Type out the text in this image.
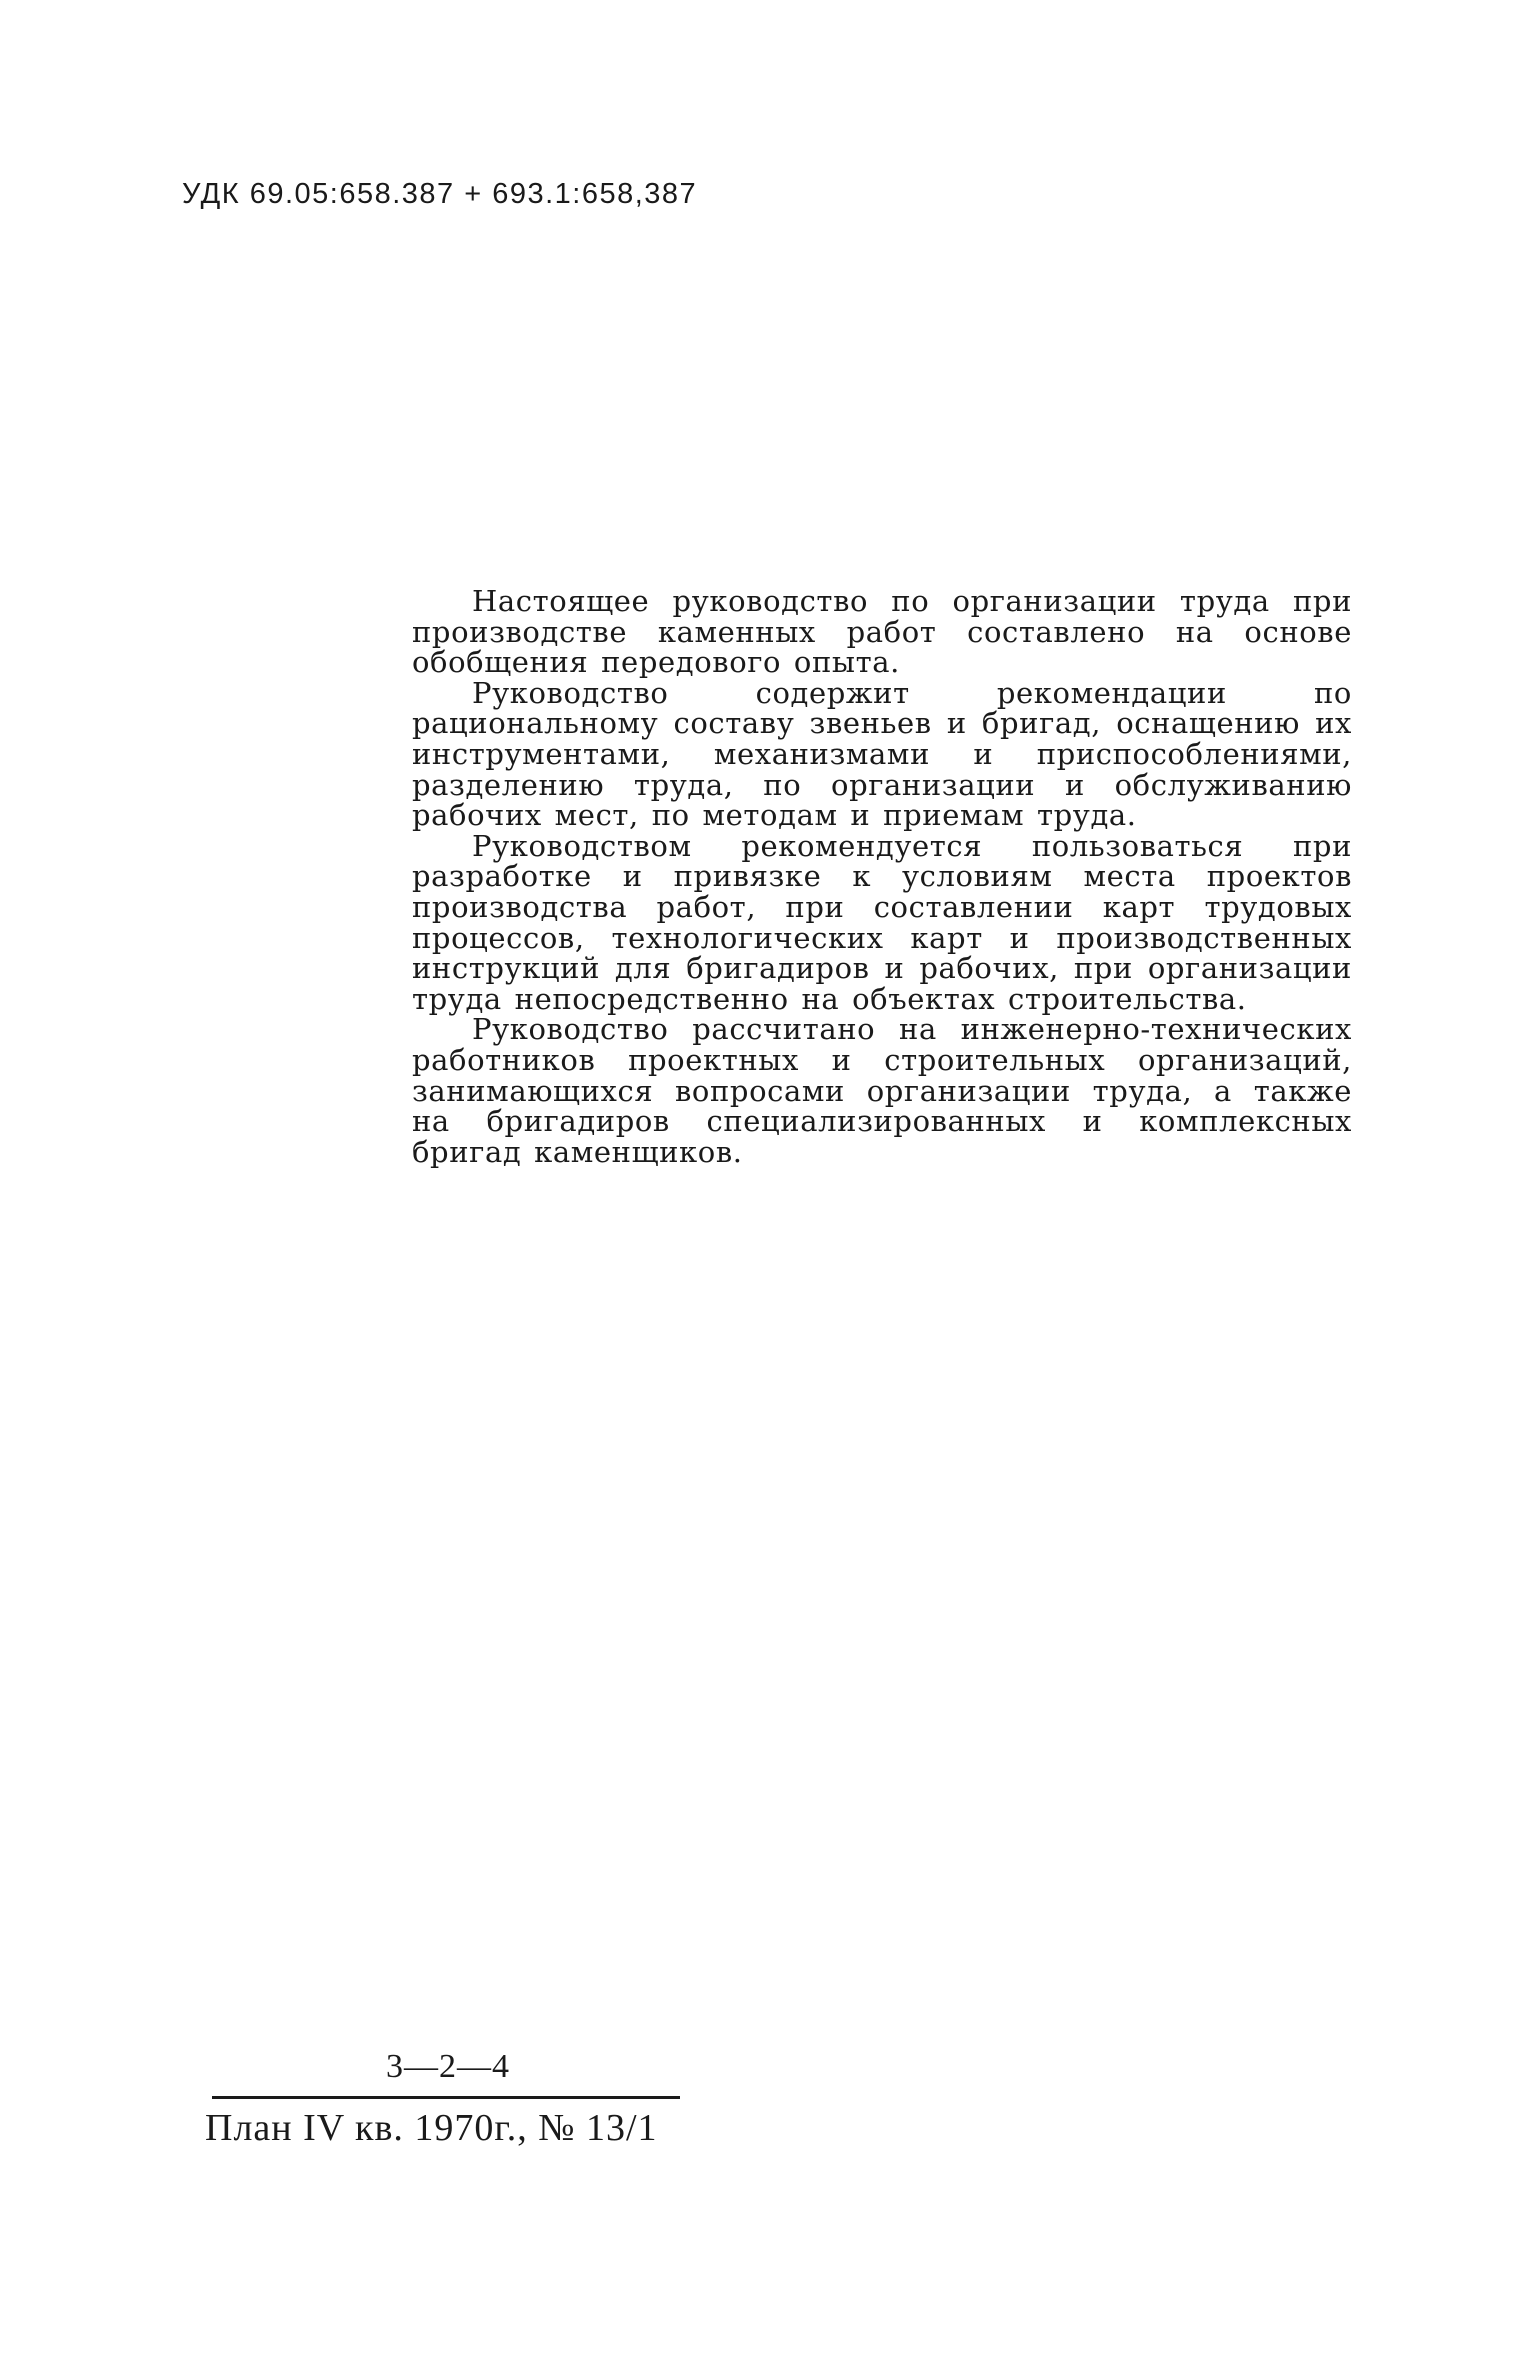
УДК 69.05:658.387 + 693.1:658,387

Настоящее руководство по организации труда при производстве каменных работ составлено на основе обобщения передового опыта.

Руководство содержит рекомендации по рациональному составу звеньев и бригад, оснащению их инструментами, механизмами и приспособлениями, разделению труда, по организации и обслуживанию рабочих мест, по методам и приемам труда.

Руководством рекомендуется пользоваться при разработке и привязке к условиям места проектов производства работ, при составлении карт трудовых процессов, технологических карт и производственных инструкций для бригадиров и рабочих, при организации труда непосредственно на объектах строительства.

Руководство рассчитано на инженерно-технических работников проектных и строительных организаций, занимающихся вопросами организации труда, а также на бригадиров специализированных и комплексных бригад каменщиков.

3—2—4
План IV кв. 1970г., № 13/1
